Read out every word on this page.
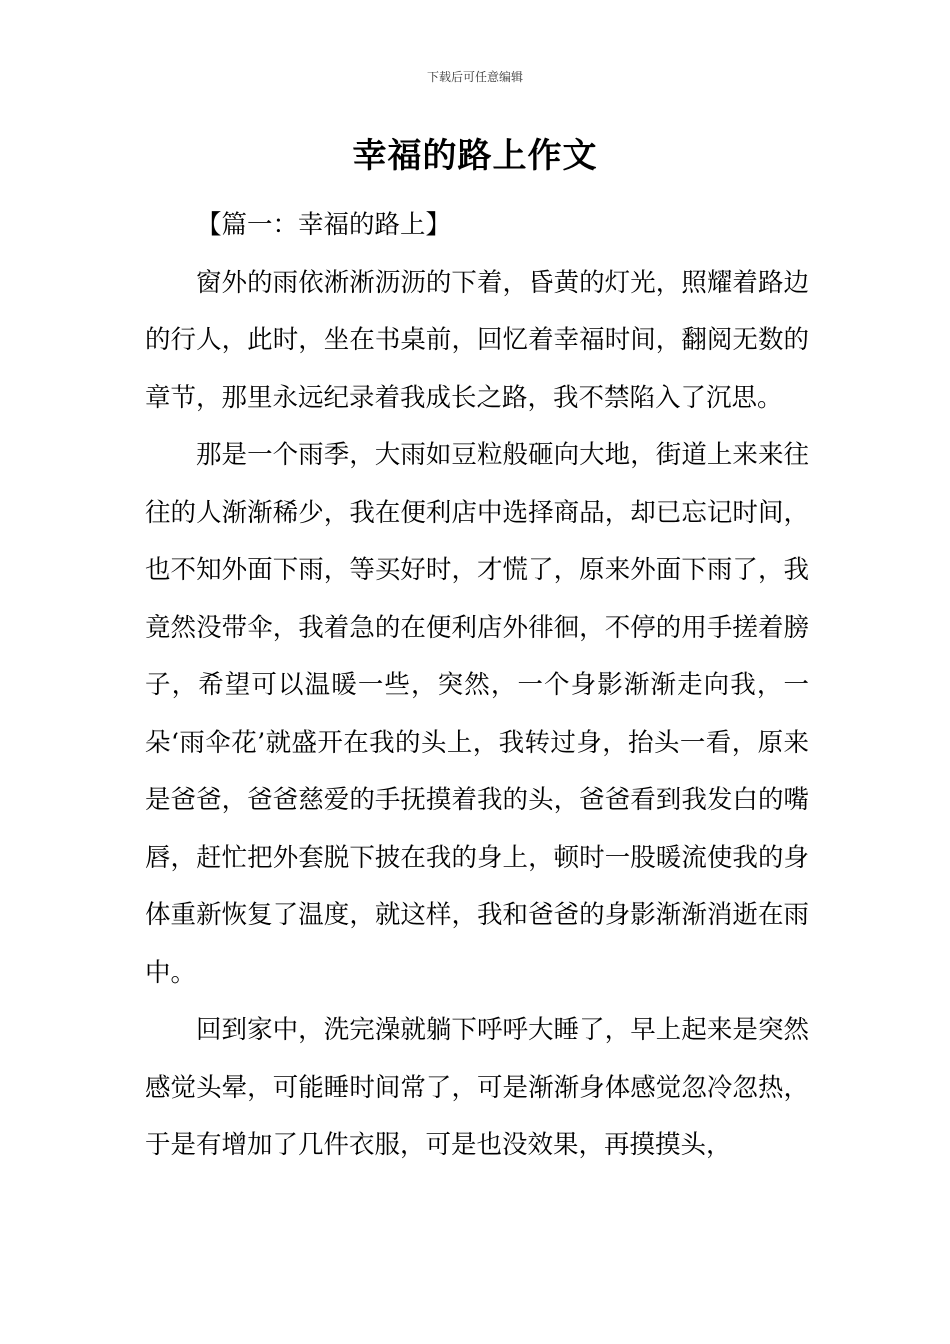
下载后可任意编辑
幸福的路上作文

【篇一：幸福的路上】

窗外的雨依淅淅沥沥的下着，昏黄的灯光，照耀着路边的行人，此时，坐在书桌前，回忆着幸福时间，翻阅无数的章节，那里永远纪录着我成长之路，我不禁陷入了沉思。

那是一个雨季，大雨如豆粒般砸向大地，街道上来来往往的人渐渐稀少，我在便利店中选择商品，却已忘记时间，也不知外面下雨，等买好时，才慌了，原来外面下雨了，我竟然没带伞，我着急的在便利店外徘徊，不停的用手搓着膀子，希望可以温暖一些，突然，一个身影渐渐走向我，一朵‘雨伞花’就盛开在我的头上，我转过身，抬头一看，原来是爸爸，爸爸慈爱的手抚摸着我的头，爸爸看到我发白的嘴唇，赶忙把外套脱下披在我的身上，顿时一股暖流使我的身体重新恢复了温度，就这样，我和爸爸的身影渐渐消逝在雨中。

回到家中，洗完澡就躺下呼呼大睡了，早上起来是突然感觉头晕，可能睡时间常了，可是渐渐身体感觉忽冷忽热，于是有增加了几件衣服，可是也没效果，再摸摸头，
